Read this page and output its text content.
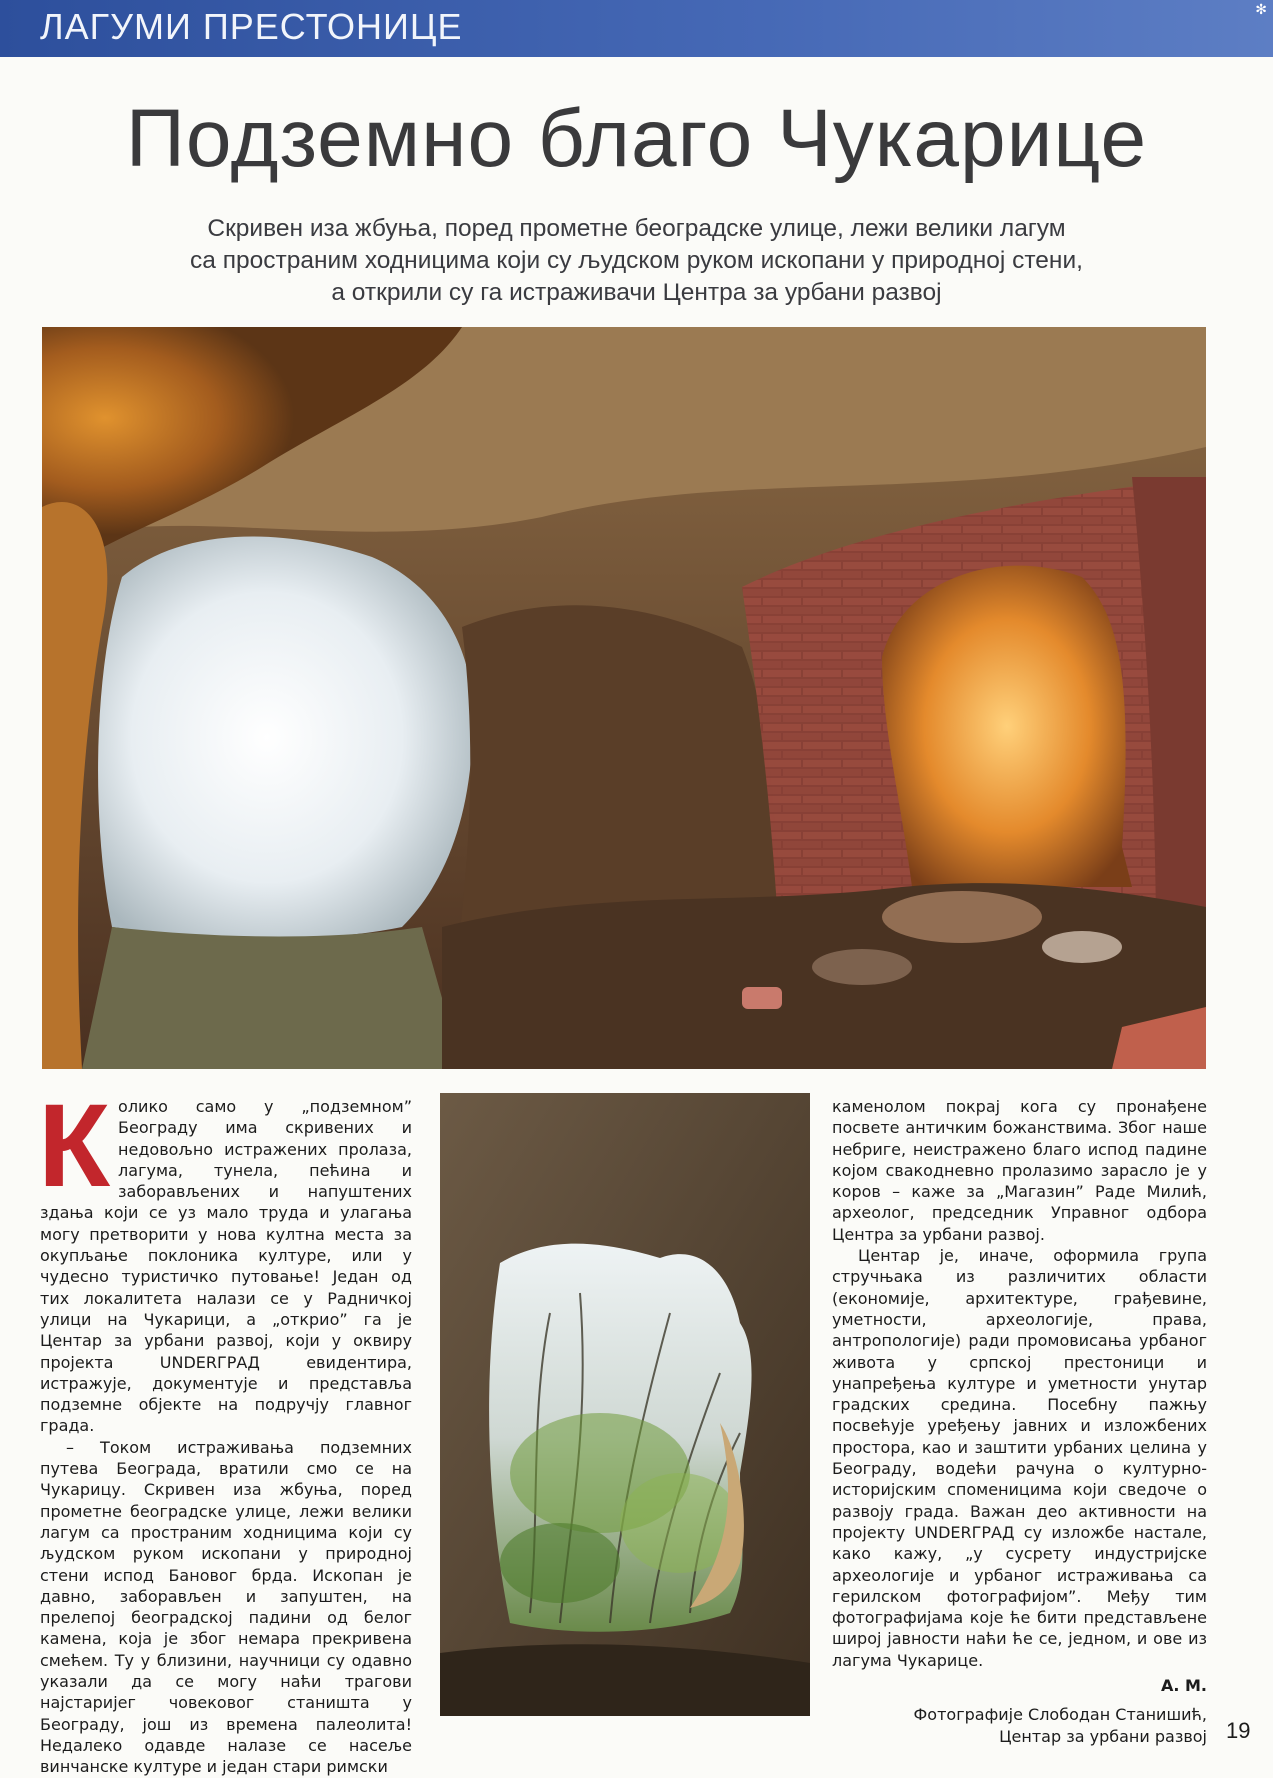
ЛАГУМИ ПРЕСТОНИЦЕ	✻
Подземно благо Чукарице
Скривен иза жбуња, поред прометне београдске улице, лежи велики лагум
са пространим ходницима који су људском руком ископани у природној стени,
а открили су га истраживачи Центра за урбани развој

Колико само у „подземном” Београду има скривених и недовољно истражених пролаза, лагума, тунела, пећина и заборављених и напуштених здања који се уз мало труда и улагања могу претворити у нова култна места за окупљање поклоника културе, или у чудесно туристичко путовање! Један од тих локалитета налази се у Радничкој улици на Чукарици, а „открио” га је Центар за урбани развој, који у оквиру пројекта UNDERГРАД евидентира, истражује, документује и представља подземне објекте на подручју главног града.

– Током истраживања подземних путева Београда, вратили смо се на Чукарицу. Скривен иза жбуња, поред прометне београдске улице, лежи велики лагум са пространим ходницима који су људском руком ископани у природној стени испод Бановог брда. Ископан је давно, заборављен и запуштен, на прелепој београдској падини од белог камена, која је због немара прекривена смећем. Ту у близини, научници су одавно указали да се могу наћи трагови најстаријег човековог станишта у Београду, још из времена палеолита! Недалеко одавде налазе се насеље винчанске културе и један стари римски

каменолом покрај кога су пронађене посвете античким божанствима. Због наше небриге, неистражено благо испод падине којом свакодневно пролазимо зарасло је у коров – каже за „Магазин” Раде Милић, археолог, председник Управног одбора Центра за урбани развој.

Центар је, иначе, оформила група стручњака из различитих области (економије, архитектуре, грађевине, уметности, археологије, права, антропологије) ради промовисања урбаног живота у српској престоници и унапређења културе и уметности унутар градских средина. Посебну пажњу посвећује уређењу јавних и изложбених простора, као и заштити урбаних целина у Београду, водећи рачуна о културно-историјским споменицима који сведоче о развоју града. Важан део активности на пројекту UNDERГРАД су изложбе настале, како кажу, „у сусрету индустријске археологије и урбаног истраживања са герилском фотографијом”. Међу тим фотографијама које ће бити представљене широј јавности наћи ће се, једном, и ове из лагума Чукарице.

А. М.

Фотографије Слободан Станишић,

Центар за урбани развој 19
